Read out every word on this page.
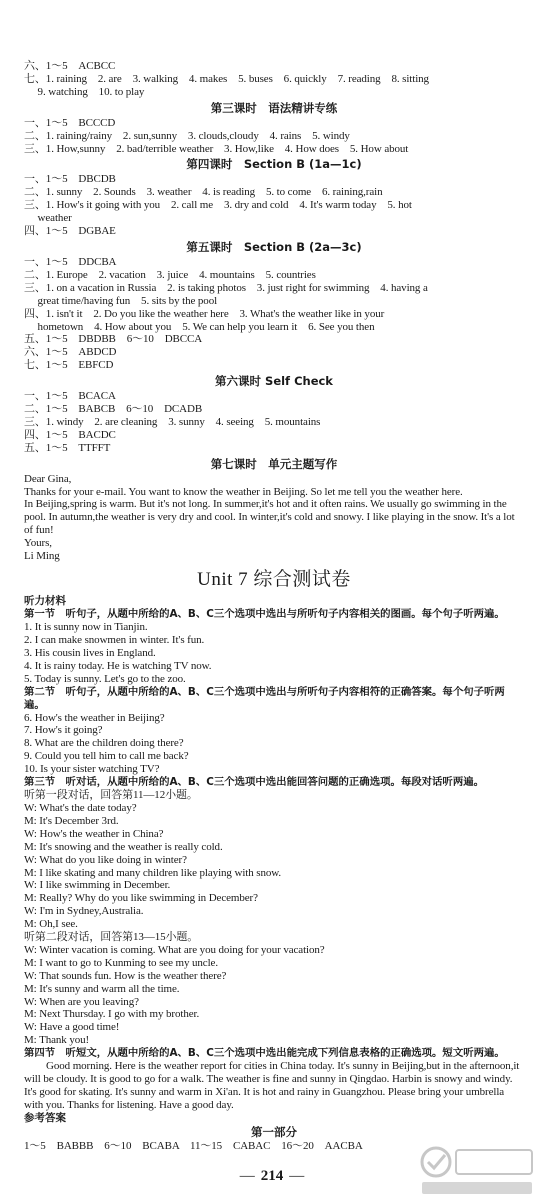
六、1～5　ACBCC
七、1. raining　2. are　3. walking　4. makes　5. buses　6. quickly　7. reading　8. sitting
　 9. watching　10. to play
第三课时　语法精讲专练
一、1～5　BCCCD
二、1. raining/rainy　2. sun,sunny　3. clouds,cloudy　4. rains　5. windy
三、1. How,sunny　2. bad/terrible weather　3. How,like　4. How does　5. How about
第四课时　Section B (1a—1c)
一、1～5　DBCDB
二、1. sunny　2. Sounds　3. weather　4. is reading　5. to come　6. raining,rain
三、1. How's it going with you　2. call me　3. dry and cold　4. It's warm today　5. hot
　 weather
四、1～5　DGBAE
第五课时　Section B (2a—3c)
一、1～5　DDCBA
二、1. Europe　2. vacation　3. juice　4. mountains　5. countries
三、1. on a vacation in Russia　2. is taking photos　3. just right for swimming　4. having a
　 great time/having fun　5. sits by the pool
四、1. isn't it　2. Do you like the weather here　3. What's the weather like in your
　 hometown　4. How about you　5. We can help you learn it　6. See you then
五、1～5　DBDBB　6～10　DBCCA
六、1～5　ABDCD
七、1～5　EBFCD
第六课时 Self Check
一、1～5　BCACA
二、1～5　BABCB　6～10　DCADB
三、1. windy　2. are cleaning　3. sunny　4. seeing　5. mountains
四、1～5　BACDC
五、1～5　TTFFT
第七课时　单元主题写作
Dear Gina,
Thanks for your e-mail. You want to know the weather in Beijing. So let me tell you the weather here.
In Beijing,spring is warm. But it's not long. In summer,it's hot and it often rains. We usually go swimming in the pool. In autumn,the weather is very dry and cool. In winter,it's cold and snowy. I like playing in the snow. It's a lot of fun!
Yours,
Li Ming
Unit 7 综合测试卷
听力材料
第一节　听句子，从题中所给的A、B、C三个选项中选出与所听句子内容相关的图画。每个句子听两遍。
1. It is sunny now in Tianjin.
2. I can make snowmen in winter. It's fun.
3. His cousin lives in England.
4. It is rainy today. He is watching TV now.
5. Today is sunny. Let's go to the zoo.
第二节　听句子，从题中所给的A、B、C三个选项中选出与所听句子内容相符的正确答案。每个句子听两遍。
6. How's the weather in Beijing?
7. How's it going?
8. What are the children doing there?
9. Could you tell him to call me back?
10. Is your sister watching TV?
第三节　听对话，从题中所给的A、B、C三个选项中选出能回答问题的正确选项。每段对话听两遍。
听第一段对话，回答第11—12小题。
W: What's the date today?
M: It's December 3rd.
W: How's the weather in China?
M: It's snowing and the weather is really cold.
W: What do you like doing in winter?
M: I like skating and many children like playing with snow.
W: I like swimming in December.
M: Really? Why do you like swimming in December?
W: I'm in Sydney,Australia.
M: Oh,I see.
听第二段对话，回答第13—15小题。
W: Winter vacation is coming. What are you doing for your vacation?
M: I want to go to Kunming to see my uncle.
W: That sounds fun. How is the weather there?
M: It's sunny and warm all the time.
W: When are you leaving?
M: Next Thursday. I go with my brother.
W: Have a good time!
M: Thank you!
第四节　听短文，从题中所给的A、B、C三个选项中选出能完成下列信息表格的正确选项。短文听两遍。
Good morning. Here is the weather report for cities in China today. It's sunny in Beijing,but in the afternoon,it will be cloudy. It is good to go for a walk. The weather is fine and sunny in Qingdao. Harbin is snowy and windy. It's good for skating. It's sunny and warm in Xi'an. It is hot and rainy in Guangzhou. Please bring your umbrella with you. Thanks for listening. Have a good day.
参考答案
第一部分
1～5　BABBB　6～10　BCABA　11～15　CABAC　16～20　AACBA
— 214 —
